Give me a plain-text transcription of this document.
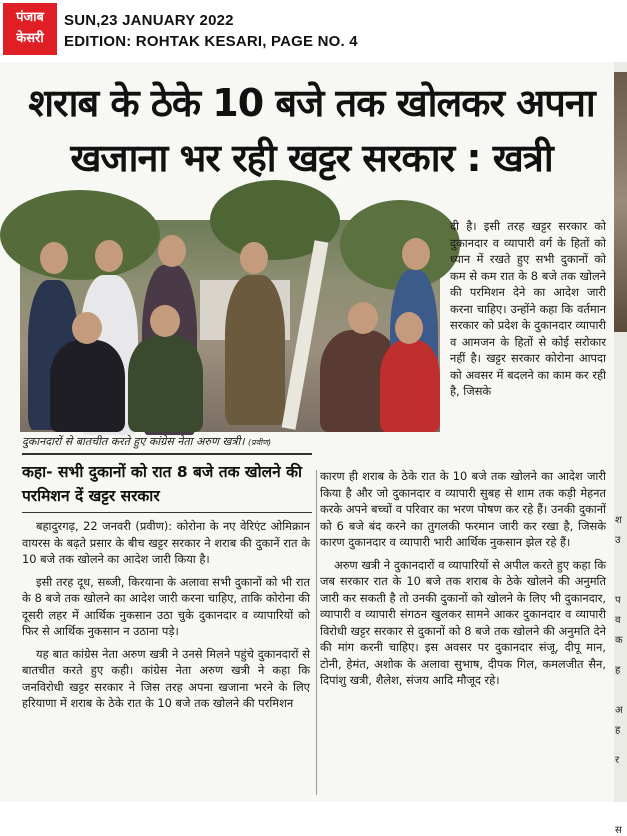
पंजाब
केसरी
SUN,23 JANUARY 2022
EDITION: ROHTAK KESARI, PAGE NO. 4
शराब के ठेके 10 बजे तक खोलकर अपना
खजाना भर रही खट्टर सरकार : खत्री
दुकानदारों से बातचीत करते हुए कांग्रेस नेता अरुण खत्री। (प्रवीण)
कहा- सभी दुकानों को रात 8 बजे तक खोलने की परमिशन दें खट्टर सरकार

बहादुरगढ़, 22 जनवरी (प्रवीण): कोरोना के नए वेरिएंट ओमिक्रान वायरस के बढ़ते प्रसार के बीच खट्टर सरकार ने शराब की दुकानें रात के 10 बजे तक खोलने का आदेश जारी किया है।

इसी तरह दूध, सब्जी, किरयाना के अलावा सभी दुकानों को भी रात के 8 बजे तक खोलने का आदेश जारी करना चाहिए, ताकि कोरोना की दूसरी लहर में आर्थिक नुकसान उठा चुके दुकानदार व व्यापारियों को फिर से आर्थिक नुकसान न उठाना पड़े।

यह बात कांग्रेस नेता अरुण खत्री ने उनसे मिलने पहुंचे दुकानदारों से बातचीत करते हुए कही। कांग्रेस नेता अरुण खत्री ने कहा कि जनविरोधी खट्टर सरकार ने जिस तरह अपना खजाना भरने के लिए हरियाणा में शराब के ठेके रात के 10 बजे तक खोलने की परमिशन

दी है। इसी तरह खट्टर सरकार को दुकानदार व व्यापारी वर्ग के हितों को ध्यान में रखते हुए सभी दुकानों को कम से कम रात के 8 बजे तक खोलने की परमिशन देने का आदेश जारी करना चाहिए। उन्होंने कहा कि वर्तमान सरकार को प्रदेश के दुकानदार व्यापारी व आमजन के हितों से कोई सरोकार नहीं है। खट्टर सरकार कोरोना आपदा को अवसर में बदलने का काम कर रही है, जिसके

कारण ही शराब के ठेके रात के 10 बजे तक खोलने का आदेश जारी किया है और जो दुकानदार व व्यापारी सुबह से शाम तक कड़ी मेहनत करके अपने बच्चों व परिवार का भरण पोषण कर रहे हैं। उनकी दुकानों को 6 बजे बंद करने का तुगलकी फरमान जारी कर रखा है, जिसके कारण दुकानदार व व्यापारी भारी आर्थिक नुकसान झेल रहे हैं।

अरुण खत्री ने दुकानदारों व व्यापारियों से अपील करते हुए कहा कि जब सरकार रात के 10 बजे तक शराब के ठेके खोलने की अनुमति जारी कर सकती है तो उनकी दुकानों को खोलने के लिए भी दुकानदार, व्यापारी व व्यापारी संगठन खुलकर सामने आकर दुकानदार व व्यापारी विरोधी खट्टर सरकार से दुकानों को 8 बजे तक खोलने की अनुमति देने की मांग करनी चाहिए। इस अवसर पर दुकानदार संजू, दीपू मान, टोनी, हेमंत, अशोक के अलावा सुभाष, दीपक गिल, कमलजीत सैन, दिपांशु खत्री, शैलेश, संजय आदि मौजूद रहे।

श
उ
प
व
क
ह
अ
ह
र
स
